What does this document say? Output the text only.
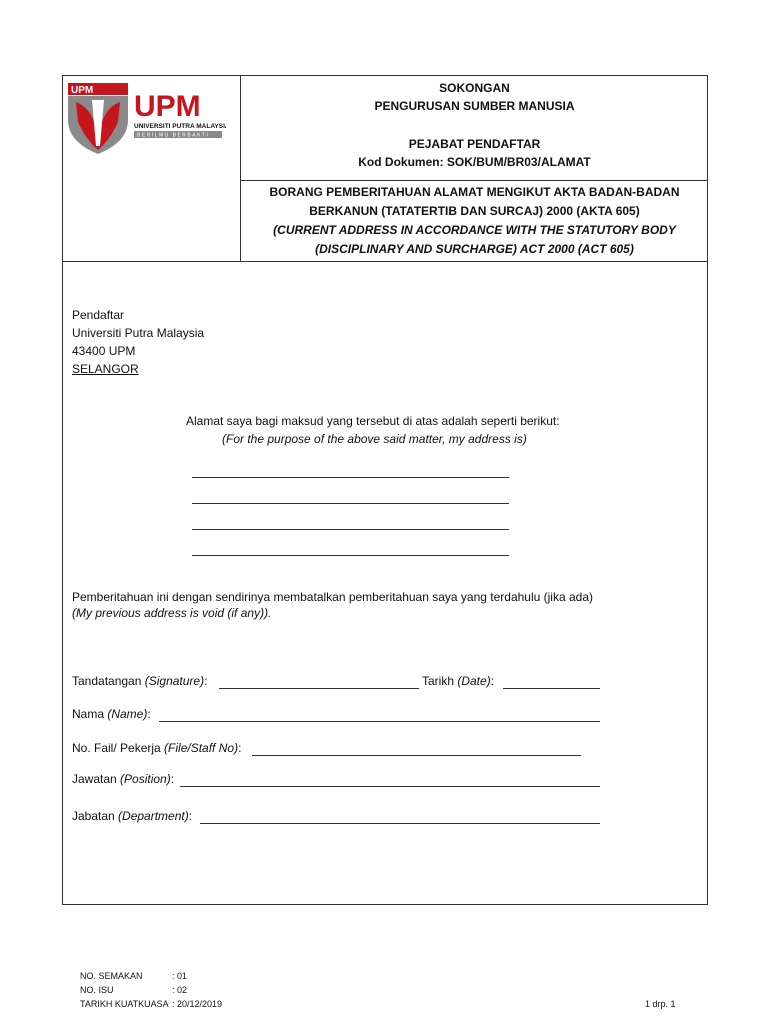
UPM UPM
UNIVERSITI PUTRA MALAYSIA
BERILMU BERBAKTI
SOKONGAN
PENGURUSAN SUMBER MANUSIA
PEJABAT PENDAFTAR
Kod Dokumen: SOK/BUM/BR03/ALAMAT
BORANG PEMBERITAHUAN ALAMAT MENGIKUT AKTA BADAN-BADAN
BERKANUN (TATATERTIB DAN SURCAJ) 2000 (AKTA 605)
(CURRENT ADDRESS IN ACCORDANCE WITH THE STATUTORY BODY
(DISCIPLINARY AND SURCHARGE) ACT 2000 (ACT 605)
Pendaftar
Universiti Putra Malaysia
43400 UPM
SELANGOR
Alamat saya bagi maksud yang tersebut di atas adalah seperti berikut:
(For the purpose of the above said matter, my address is)
Pemberitahuan ini dengan sendirinya membatalkan pemberitahuan saya yang terdahulu (jika ada)
(My previous address is void (if any)).
Tandatangan (Signature):	Tarikh (Date):
Nama (Name):
No. Fail/ Pekerja (File/Staff No):
Jawatan (Position):
Jabatan (Department):
NO. SEMAKAN	: 01
NO. ISU	: 02
TARIKH KUATKUASA : 20/12/2019	1 drp. 1
